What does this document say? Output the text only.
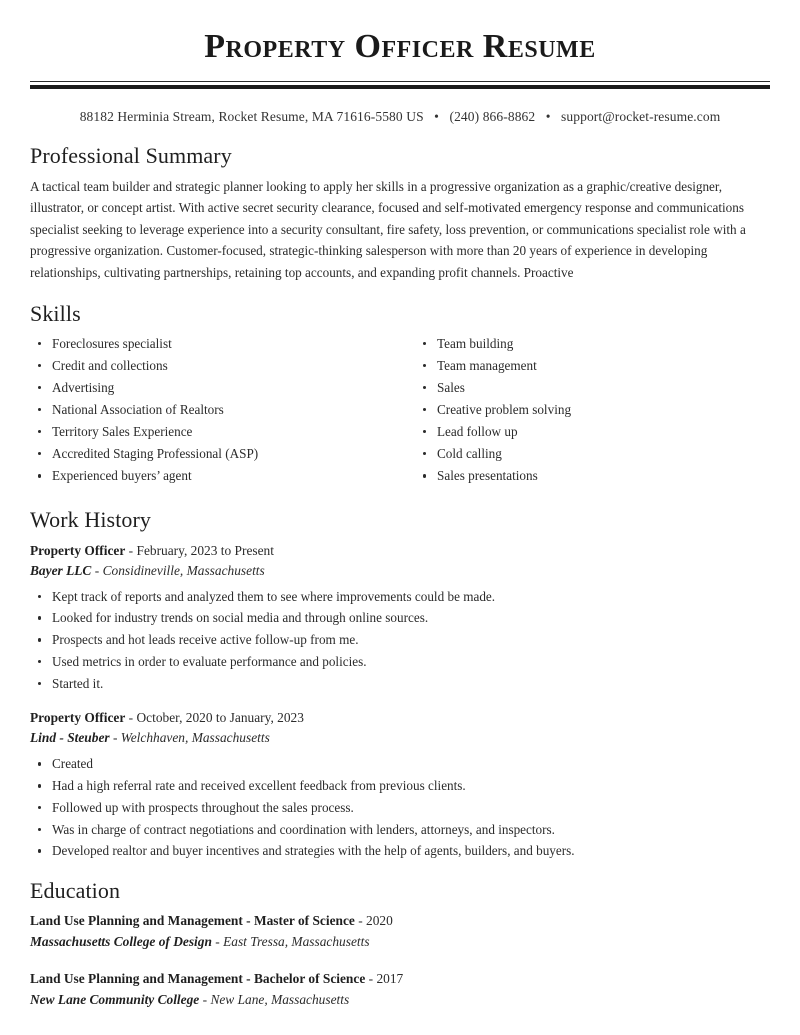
Property Officer Resume
88182 Herminia Stream, Rocket Resume, MA 71616-5580 US • (240) 866-8862 • support@rocket-resume.com
Professional Summary

A tactical team builder and strategic planner looking to apply her skills in a progressive organization as a graphic/creative designer, illustrator, or concept artist. With active secret security clearance, focused and self-motivated emergency response and communications specialist seeking to leverage experience into a security consultant, fire safety, loss prevention, or communications specialist role with a progressive organization. Customer-focused, strategic-thinking salesperson with more than 20 years of experience in developing relationships, cultivating partnerships, retaining top accounts, and expanding profit channels. Proactive

Skills
Foreclosures specialist
Credit and collections
Advertising
National Association of Realtors
Territory Sales Experience
Accredited Staging Professional (ASP)
Experienced buyers’ agent
Team building
Team management
Sales
Creative problem solving
Lead follow up
Cold calling
Sales presentations
Work History
Property Officer - February, 2023 to Present
Bayer LLC - Considineville, Massachusetts
Kept track of reports and analyzed them to see where improvements could be made.
Looked for industry trends on social media and through online sources.
Prospects and hot leads receive active follow-up from me.
Used metrics in order to evaluate performance and policies.
Started it.
Property Officer - October, 2020 to January, 2023
Lind - Steuber - Welchhaven, Massachusetts
Created
Had a high referral rate and received excellent feedback from previous clients.
Followed up with prospects throughout the sales process.
Was in charge of contract negotiations and coordination with lenders, attorneys, and inspectors.
Developed realtor and buyer incentives and strategies with the help of agents, builders, and buyers.
Education
Land Use Planning and Management - Master of Science - 2020
Massachusetts College of Design - East Tressa, Massachusetts
Land Use Planning and Management - Bachelor of Science - 2017
New Lane Community College - New Lane, Massachusetts
